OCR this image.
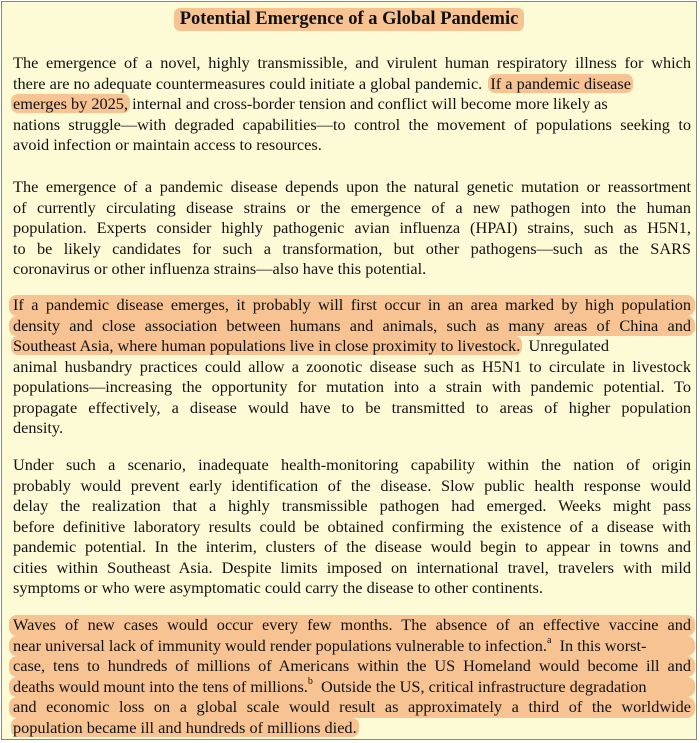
Potential Emergence of a Global Pandemic
The emergence of a novel, highly transmissible, and virulent human respiratory illness for which
there are no adequate countermeasures could initiate a global pandemic. If a pandemic disease
emerges by 2025, internal and cross-border tension and conflict will become more likely as
nations struggle—with degraded capabilities—to control the movement of populations seeking to
avoid infection or maintain access to resources.
The emergence of a pandemic disease depends upon the natural genetic mutation or reassortment
of currently circulating disease strains or the emergence of a new pathogen into the human
population. Experts consider highly pathogenic avian influenza (HPAI) strains, such as H5N1,
to be likely candidates for such a transformation, but other pathogens—such as the SARS
coronavirus or other influenza strains—also have this potential.
If a pandemic disease emerges, it probably will first occur in an area marked by high population
density and close association between humans and animals, such as many areas of China and
Southeast Asia, where human populations live in close proximity to livestock. Unregulated
animal husbandry practices could allow a zoonotic disease such as H5N1 to circulate in livestock
populations—increasing the opportunity for mutation into a strain with pandemic potential. To
propagate effectively, a disease would have to be transmitted to areas of higher population
density.
Under such a scenario, inadequate health-monitoring capability within the nation of origin
probably would prevent early identification of the disease. Slow public health response would
delay the realization that a highly transmissible pathogen had emerged. Weeks might pass
before definitive laboratory results could be obtained confirming the existence of a disease with
pandemic potential. In the interim, clusters of the disease would begin to appear in towns and
cities within Southeast Asia. Despite limits imposed on international travel, travelers with mild
symptoms or who were asymptomatic could carry the disease to other continents.
Waves of new cases would occur every few months. The absence of an effective vaccine and
near universal lack of immunity would render populations vulnerable to infection.$^a$  In this worst-
case, tens to hundreds of millions of Americans within the US Homeland would become ill and
deaths would mount into the tens of millions.$^b$  Outside the US, critical infrastructure degradation
and economic loss on a global scale would result as approximately a third of the worldwide
population became ill and hundreds of millions died.
